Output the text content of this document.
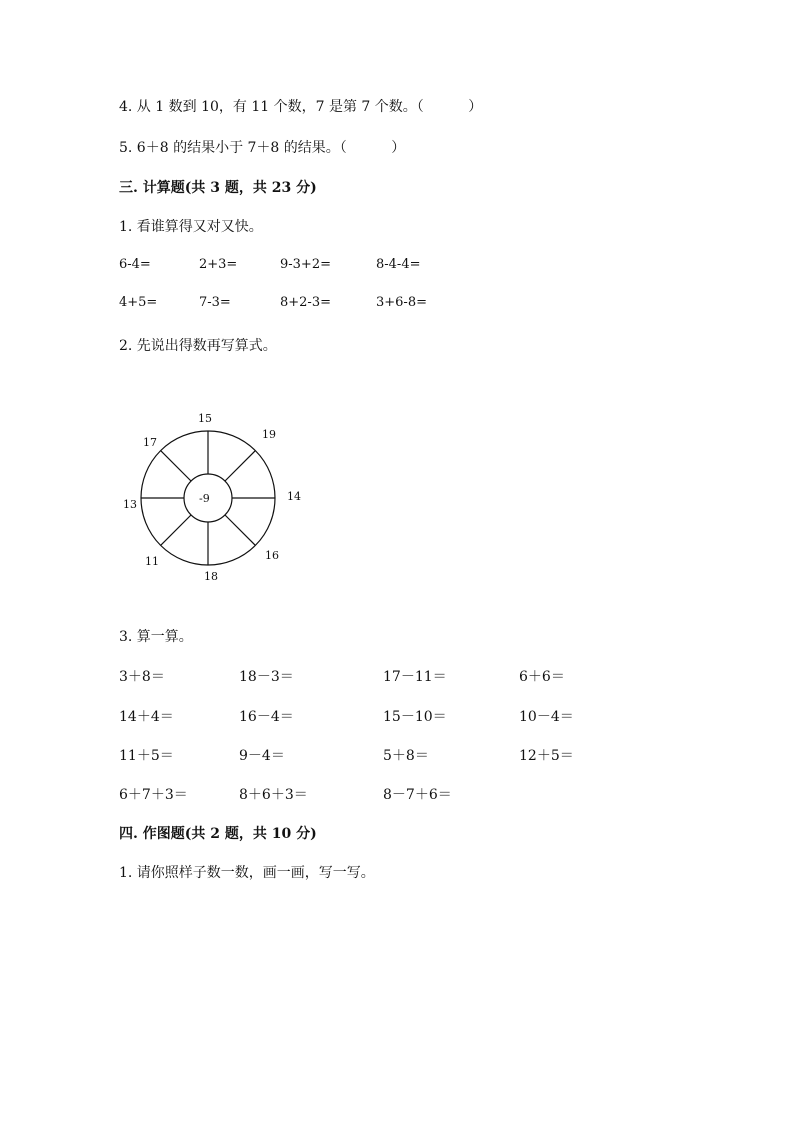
4. 从 1 数到 10，有 11 个数，7 是第 7 个数。（          ）
5. 6＋8 的结果小于 7＋8 的结果。（          ）
三. 计算题(共 3 题，共 23 分)
1. 看谁算得又对又快。
6-4=	2+3=	9-3+2=	8-4-4=
4+5=	7-3=	8+2-3=	3+6-8=
2. 先说出得数再写算式。
-9
15
19
14
16
18
11
13
17
3. 算一算。
3＋8＝	18－3＝	17－11＝	6＋6＝
14＋4＝	16－4＝	15－10＝	10－4＝
11＋5＝	9－4＝	5＋8＝	12＋5＝
6＋7＋3＝	8＋6＋3＝	8－7＋6＝
四. 作图题(共 2 题，共 10 分)
1. 请你照样子数一数，画一画，写一写。
